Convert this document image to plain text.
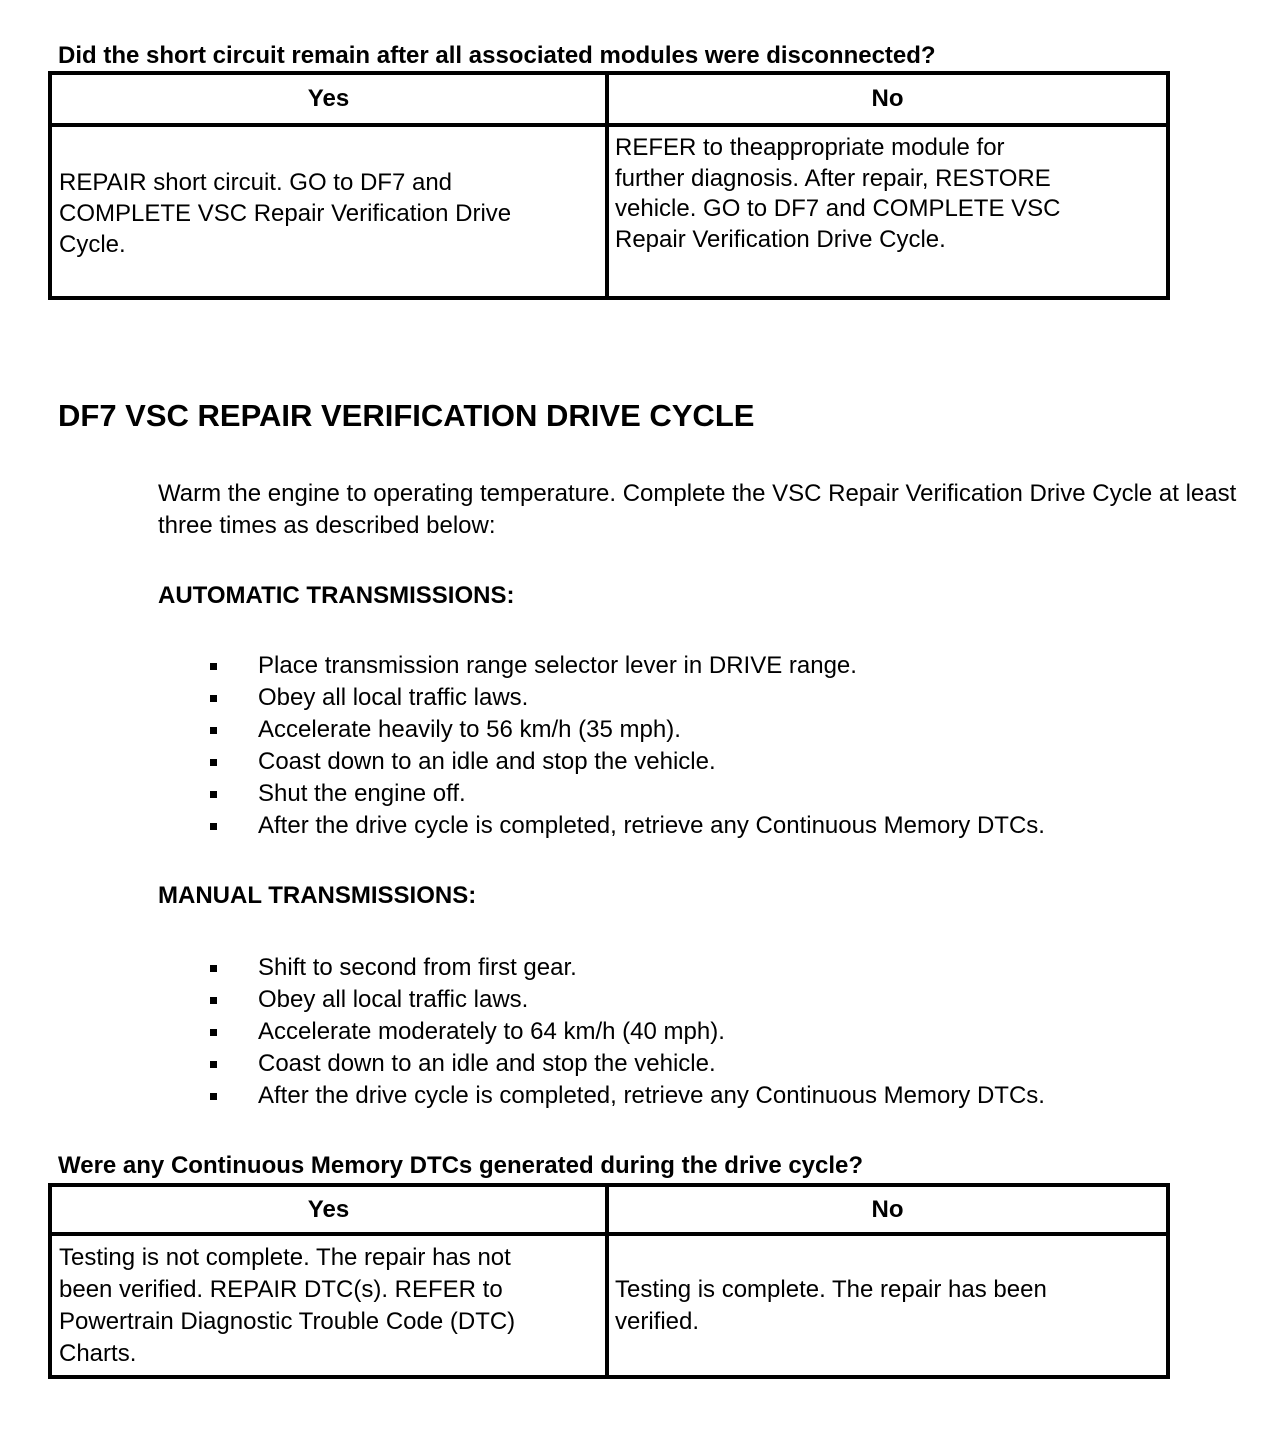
Did the short circuit remain after all associated modules were disconnected?
Yes	No
REPAIR short circuit. GO to DF7 and
COMPLETE VSC Repair Verification Drive
Cycle.
REFER to theappropriate module for
further diagnosis. After repair, RESTORE
vehicle. GO to DF7 and COMPLETE VSC
Repair Verification Drive Cycle.
DF7 VSC REPAIR VERIFICATION DRIVE CYCLE
Warm the engine to operating temperature. Complete the VSC Repair Verification Drive Cycle at least three times as described below:
AUTOMATIC TRANSMISSIONS:
Place transmission range selector lever in DRIVE range.
Obey all local traffic laws.
Accelerate heavily to 56 km/h (35 mph).
Coast down to an idle and stop the vehicle.
Shut the engine off.
After the drive cycle is completed, retrieve any Continuous Memory DTCs.
MANUAL TRANSMISSIONS:
Shift to second from first gear.
Obey all local traffic laws.
Accelerate moderately to 64 km/h (40 mph).
Coast down to an idle and stop the vehicle.
After the drive cycle is completed, retrieve any Continuous Memory DTCs.
Were any Continuous Memory DTCs generated during the drive cycle?
Yes	No
Testing is not complete. The repair has not
been verified. REPAIR DTC(s). REFER to
Powertrain Diagnostic Trouble Code (DTC)
Charts.
Testing is complete. The repair has been
verified.
